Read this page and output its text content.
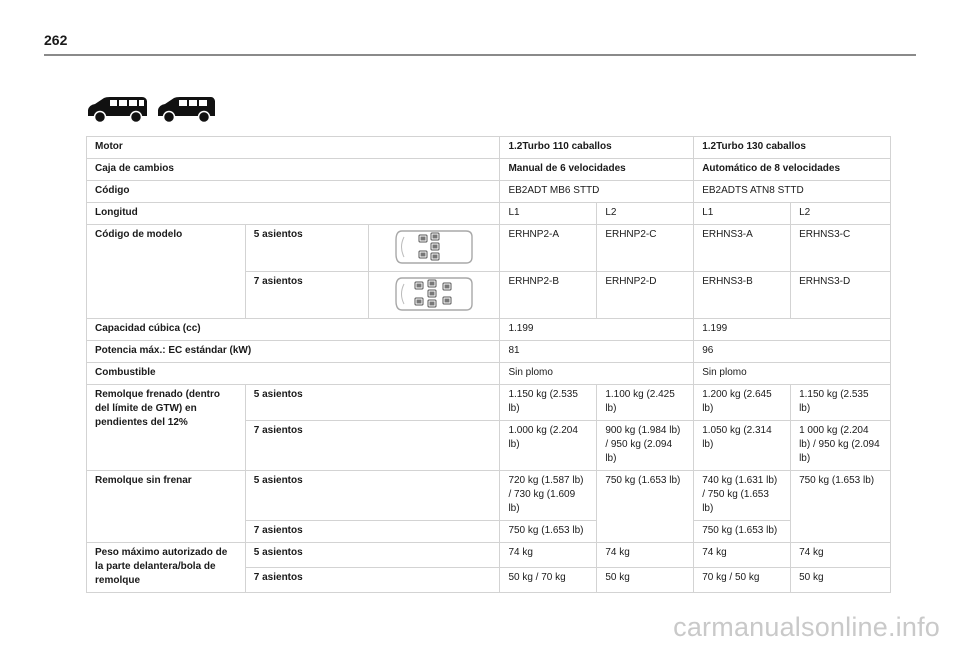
262
Motor			1.2Turbo 110 caballos		1.2Turbo 130 caballos	
Caja de cambios			Manual de 6 velocidades		Automático de 8 velocidades	
Código			EB2ADT MB6 STTD		EB2ADTS ATN8 STTD	
Longitud			L1	L2	L1	L2
Código de modelo	5 asientos		ERHNP2-A	ERHNP2-C	ERHNS3-A	ERHNS3-C
	7 asientos		ERHNP2-B	ERHNP2-D	ERHNS3-B	ERHNS3-D
Capacidad cúbica (cc)			1.199		1.199	
Potencia máx.: EC estándar (kW)			81		96	
Combustible			Sin plomo		Sin plomo	
Remolque frenado (dentro del límite de GTW) en pendientes del 12%	5 asientos		1.150 kg (2.535 lb)	1.100 kg (2.425 lb)	1.200 kg (2.645 lb)	1.150 kg (2.535 lb)
	7 asientos		1.000 kg (2.204 lb)	900 kg (1.984 lb) / 950 kg (2.094 lb)	1.050 kg (2.314 lb)	1 000 kg (2.204 lb) / 950 kg (2.094 lb)
Remolque sin frenar	5 asientos		720 kg (1.587 lb) / 730 kg (1.609 lb)	750 kg (1.653 lb)	740 kg (1.631 lb) / 750 kg (1.653 lb)	750 kg (1.653 lb)
	7 asientos		750 kg (1.653 lb)		750 kg (1.653 lb)	
Peso máximo autorizado de la parte delantera/bola de remolque	5 asientos		74 kg	74 kg	74 kg	74 kg
	7 asientos		50 kg / 70 kg	50 kg	70 kg / 50 kg	50 kg
carmanualsonline.info
